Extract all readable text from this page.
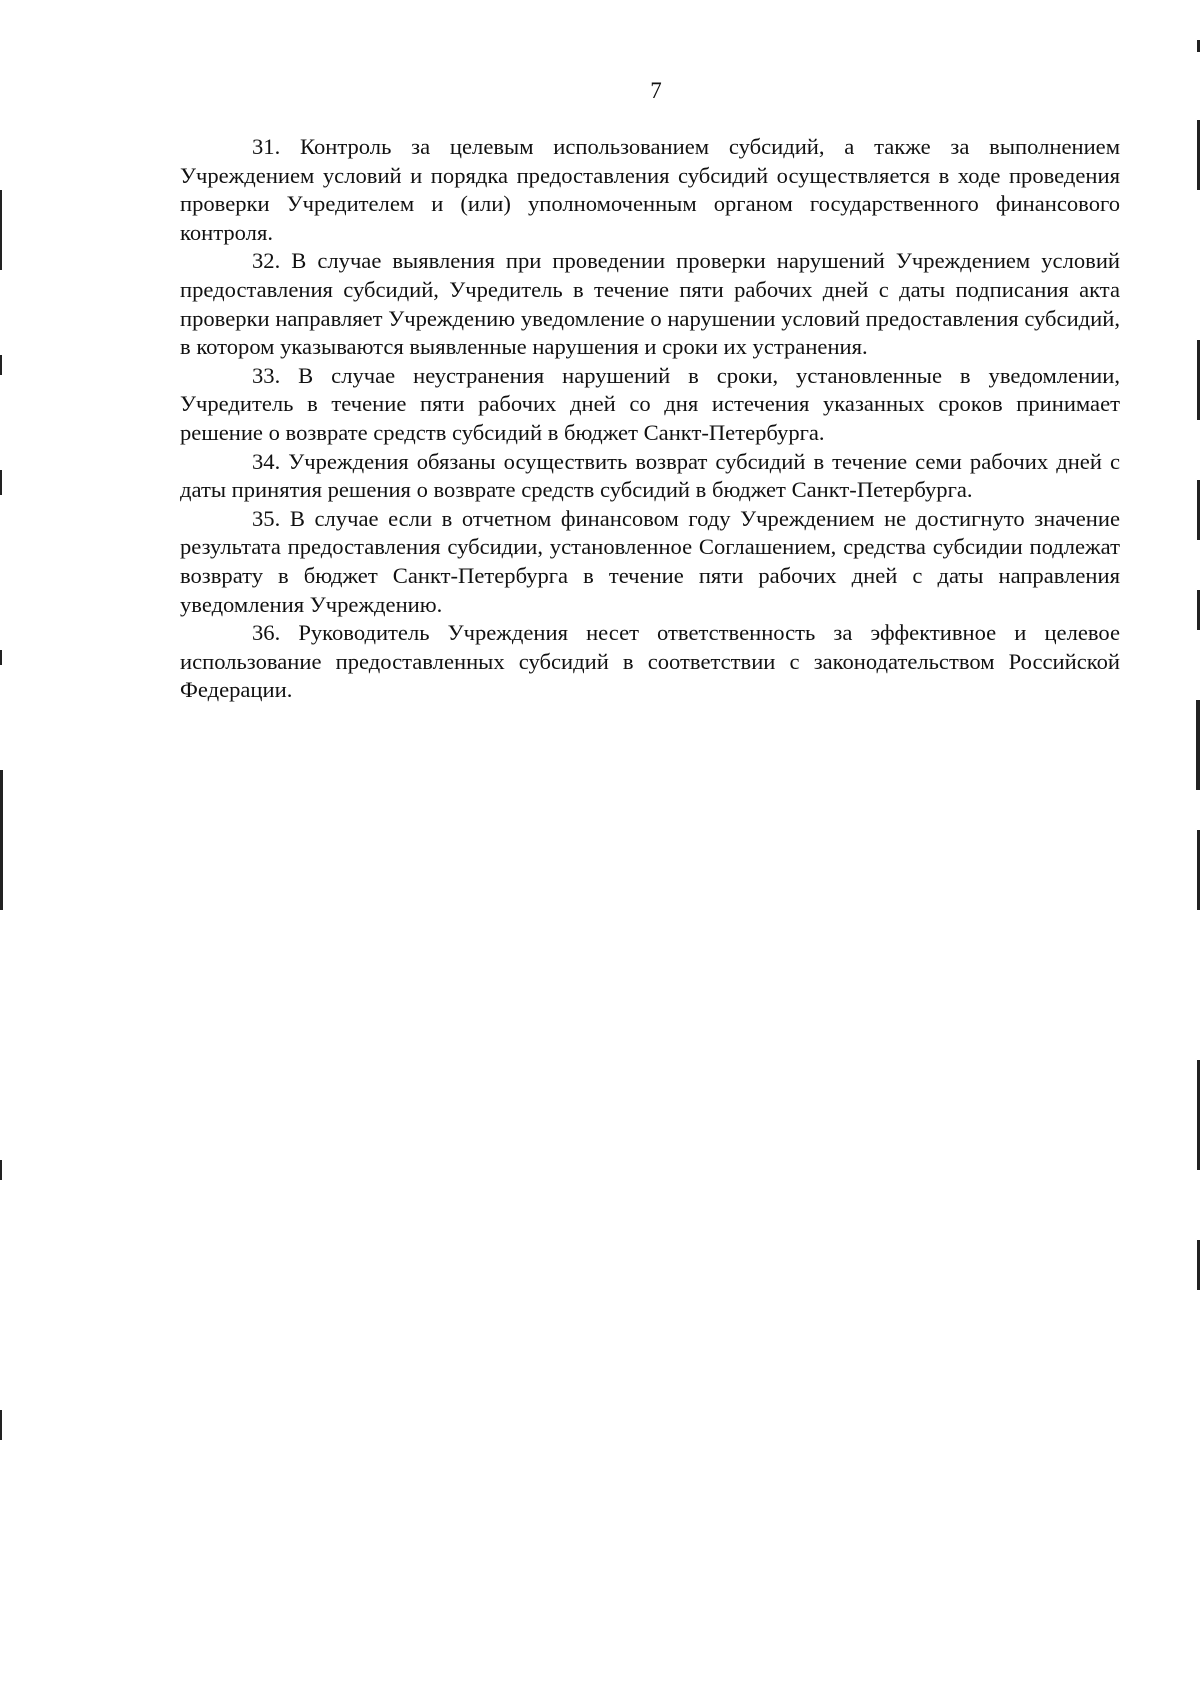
7

31. Контроль за целевым использованием субсидий, а также за выполнением Учреждением условий и порядка предоставления субсидий осуществляется в ходе проведения проверки Учредителем и (или) уполномоченным органом государственного финансового контроля.

32. В случае выявления при проведении проверки нарушений Учреждением условий предоставления субсидий, Учредитель в течение пяти рабочих дней с даты подписания акта проверки направляет Учреждению уведомление о нарушении условий предоставления субсидий, в котором указываются выявленные нарушения и сроки их устранения.

33. В случае неустранения нарушений в сроки, установленные в уведомлении, Учредитель в течение пяти рабочих дней со дня истечения указанных сроков принимает решение о возврате средств субсидий в бюджет Санкт-Петербурга.

34. Учреждения обязаны осуществить возврат субсидий в течение семи рабочих дней с даты принятия решения о возврате средств субсидий в бюджет Санкт-Петербурга.

35. В случае если в отчетном финансовом году Учреждением не достигнуто значение результата предоставления субсидии, установленное Соглашением, средства субсидии подлежат возврату в бюджет Санкт-Петербурга в течение пяти рабочих дней с даты направления уведомления Учреждению.

36. Руководитель Учреждения несет ответственность за эффективное и целевое использование предоставленных субсидий в соответствии с законодательством Российской Федерации.
